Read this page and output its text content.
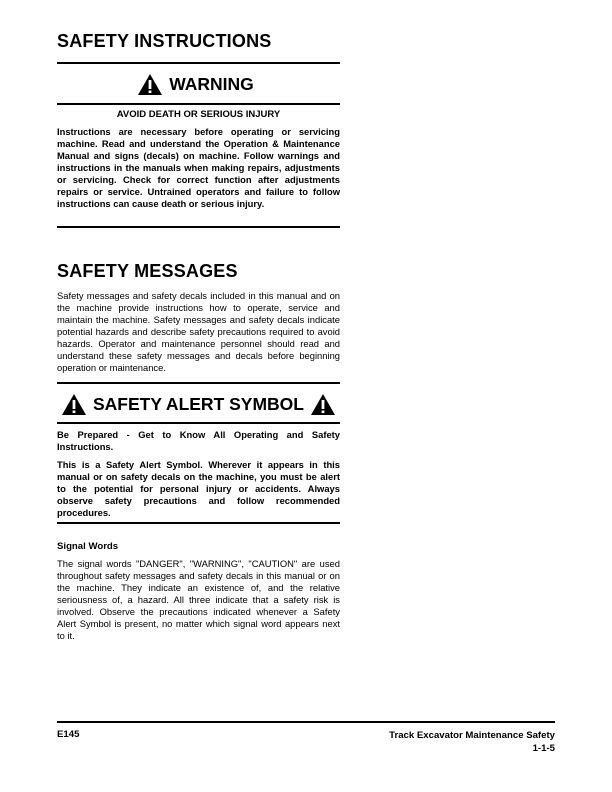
SAFETY INSTRUCTIONS
WARNING
AVOID DEATH OR SERIOUS INJURY
Instructions are necessary before operating or servicing machine. Read and understand the Operation & Maintenance Manual and signs (decals) on machine. Follow warnings and instructions in the manuals when making repairs, adjustments or servicing. Check for correct function after adjustments repairs or service. Untrained operators and failure to follow instructions can cause death or serious injury.
SAFETY MESSAGES
Safety messages and safety decals included in this manual and on the machine provide instructions how to operate, service and maintain the machine. Safety messages and safety decals indicate potential hazards and describe safety precautions required to avoid hazards. Operator and maintenance personnel should read and understand these safety messages and decals before beginning operation or maintenance.
SAFETY ALERT SYMBOL
Be Prepared - Get to Know All Operating and Safety Instructions.
This is a Safety Alert Symbol. Wherever it appears in this manual or on safety decals on the machine, you must be alert to the potential for personal injury or accidents. Always observe safety precautions and follow recommended procedures.
Signal Words
The signal words "DANGER", "WARNING", "CAUTION" are used throughout safety messages and safety decals in this manual or on the machine. They indicate an existence of, and the relative seriousness of, a hazard. All three indicate that a safety risk is involved. Observe the precautions indicated whenever a Safety Alert Symbol is present, no matter which signal word appears next to it.
E145	Track Excavator Maintenance Safety
1-1-5
